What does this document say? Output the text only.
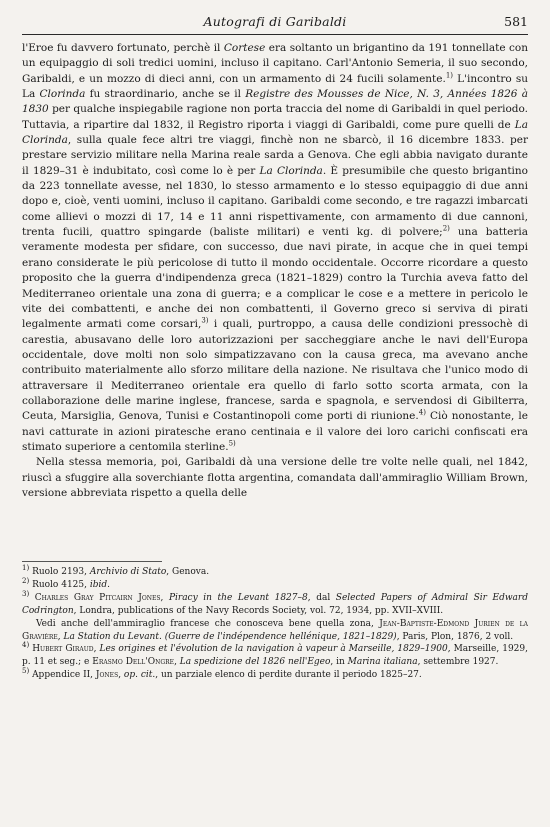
Autografi di Garibaldi	581

l'Eroe fu davvero fortunato, perchè il Cortese era soltanto un brigantino da 191 tonnellate con un equipaggio di soli tredici uomini, incluso il capitano. Carl'Antonio Semeria, il suo secondo, Garibaldi, e un mozzo di dieci anni, con un armamento di 24 fucili solamente.$^{1)}$ L'incontro su La Clorinda fu straordinario, anche se il Registre des Mousses de Nice, N. 3, Années 1826 à 1830 per qualche inspiegabile ragione non porta traccia del nome di Garibaldi in quel periodo. Tuttavia, a ripartire dal 1832, il Registro riporta i viaggi di Garibaldi, come pure quelli de La Clorinda, sulla quale fece altri tre viaggi, finchè non ne sbarcò, il 16 dicembre 1833. per prestare servizio militare nella Marina reale sarda a Genova. Che egli abbia navigato durante il 1829–31 è indubitato, così come lo è per La Clorinda. È presumibile che questo brigantino da 223 tonnellate avesse, nel 1830, lo stesso armamento e lo stesso equipaggio di due anni dopo e, cioè, venti uomini, incluso il capitano. Garibaldi come secondo, e tre ragazzi imbarcati come allievi o mozzi di 17, 14 e 11 anni rispettivamente, con armamento di due cannoni, trenta fucili, quattro spingarde (baliste militari) e venti kg. di polvere;$^{2)}$ una batteria veramente modesta per sfidare, con successo, due navi pirate, in acque che in quei tempi erano considerate le più pericolose di tutto il mondo occidentale. Occorre ricordare a questo proposito che la guerra d'indipendenza greca (1821–1829) contro la Turchia aveva fatto del Mediterraneo orientale una zona di guerra; e a complicar le cose e a mettere in pericolo le vite dei combattenti, e anche dei non combattenti, il Governo greco si serviva di pirati legalmente armati come corsari,$^{3)}$ i quali, purtroppo, a causa delle condizioni pressochè di carestia, abusavano delle loro autorizzazioni per saccheggiare anche le navi dell'Europa occidentale, dove molti non solo simpatizzavano con la causa greca, ma avevano anche contribuito materialmente allo sforzo militare della nazione. Ne risultava che l'unico modo di attraversare il Mediterraneo orientale era quello di farlo sotto scorta armata, con la collaborazione delle marine inglese, francese, sarda e spagnola, e servendosi di Gibilterra, Ceuta, Marsiglia, Genova, Tunisi e Costantinopoli come porti di riunione.$^{4)}$ Ciò nonostante, le navi catturate in azioni piratesche erano centinaia e il valore dei loro carichi confiscati era stimato superiore a centomila sterline.$^{5)}$

Nella stessa memoria, poi, Garibaldi dà una versione delle tre volte nelle quali, nel 1842, riuscì a sfuggire alla soverchiante flotta argentina, comandata dall'ammiraglio William Brown, versione abbreviata rispetto a quella delle

$^{1)}$ Ruolo 2193, Archivio di Stato, Genova.

$^{2)}$ Ruolo 4125, ibid.

$^{3)}$ Charles Gray Pitcairn Jones, Piracy in the Levant 1827–8, dal Selected Papers of Admiral Sir Edward Codrington, Londra, publications of the Navy Records Society, vol. 72, 1934, pp. XVII–XVIII.

Vedi anche dell'ammiraglio francese che conosceva bene quella zona, Jean-Baptiste-Edmond Jurien de la Gravière, La Station du Levant. (Guerre de l'indépendence hellénique, 1821–1829), Paris, Plon, 1876, 2 voll.

$^{4)}$ Hubert Giraud, Les origines et l'évolution de la navigation à vapeur à Marseille, 1829–1900, Marseille, 1929, p. 11 et seg.; e Erasmo Dell'Ongre, La spedizione del 1826 nell'Egeo, in Marina italiana, settembre 1927.

$^{5)}$ Appendice II, Jones, op. cit., un parziale elenco di perdite durante il periodo 1825–27.
